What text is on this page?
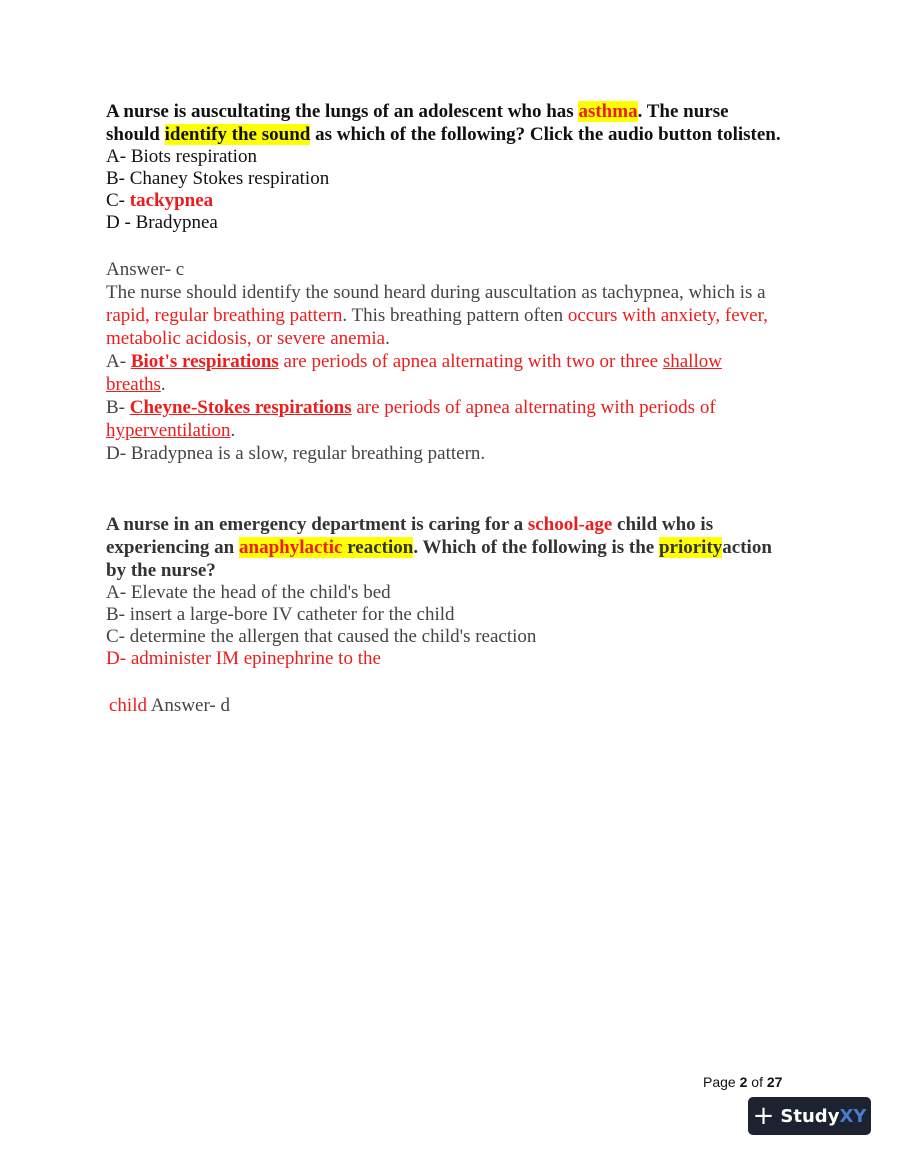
A nurse is auscultating the lungs of an adolescent who has asthma. The nurse should identify the sound as which of the following? Click the audio button tolisten.
A- Biots respiration
B- Chaney Stokes respiration
C- tackypnea
D - Bradypnea
Answer- c
The nurse should identify the sound heard during auscultation as tachypnea, which is a rapid, regular breathing pattern. This breathing pattern often occurs with anxiety, fever, metabolic acidosis, or severe anemia.
A- Biot's respirations are periods of apnea alternating with two or three shallow breaths.
B- Cheyne-Stokes respirations are periods of apnea alternating with periods of hyperventilation.
D- Bradypnea is a slow, regular breathing pattern.
A nurse in an emergency department is caring for a school-age child who is experiencing an anaphylactic reaction. Which of the following is the priorityaction by the nurse?
A- Elevate the head of the child's bed
B- insert a large-bore IV catheter for the child
C- determine the allergen that caused the child's reaction
D- administer IM epinephrine to the
child Answer- d
Page 2 of 27
+ StudyXY
